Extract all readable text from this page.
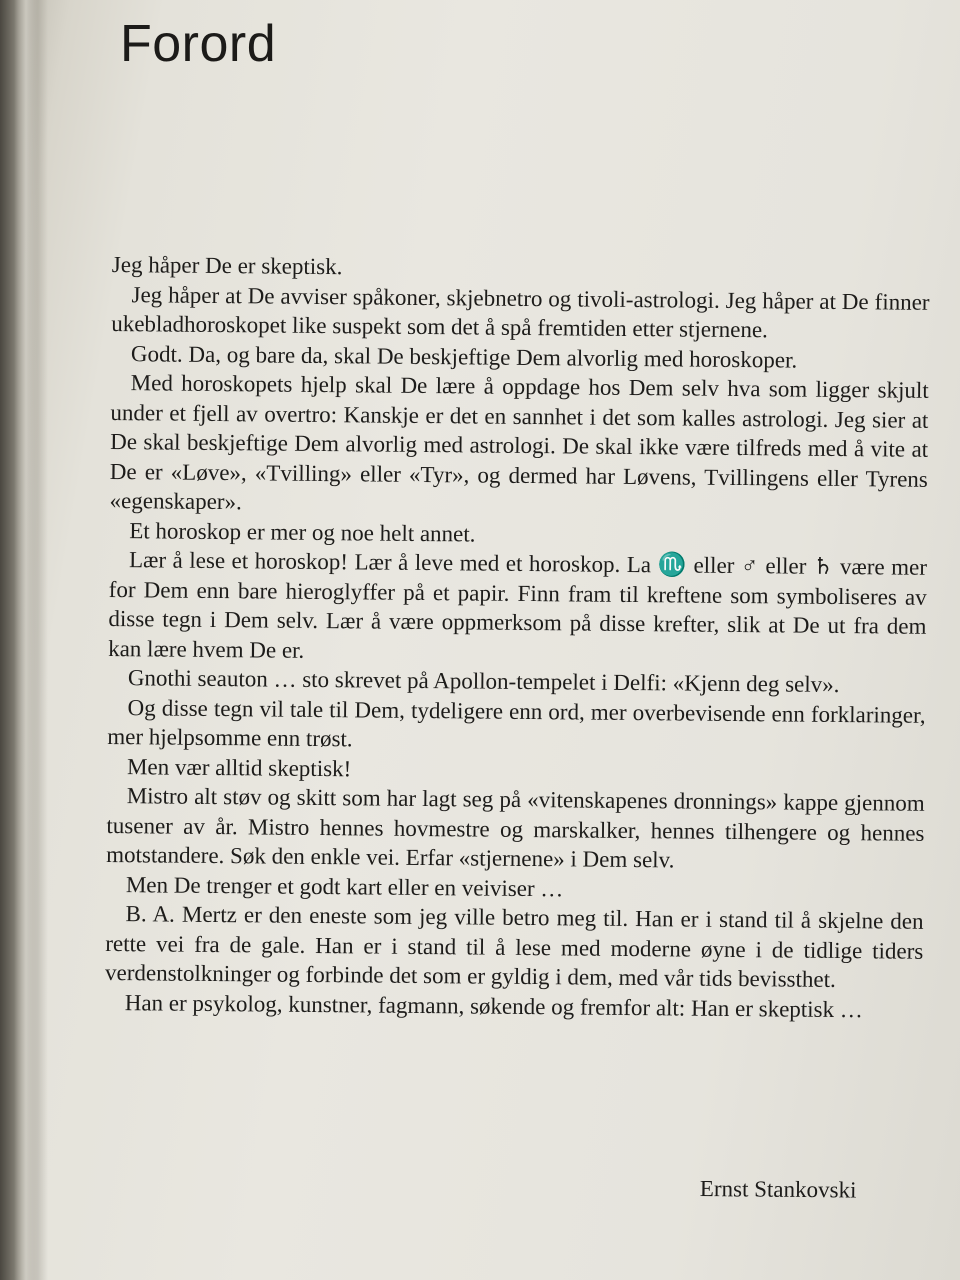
Forord

Jeg håper De er skeptisk.

Jeg håper at De avviser spåkoner, skjebnetro og tivoli-astrologi. Jeg håper at De finner ukebladhoroskopet like suspekt som det å spå fremtiden etter stjernene.

Godt. Da, og bare da, skal De beskjeftige Dem alvorlig med horoskoper.

Med horoskopets hjelp skal De lære å oppdage hos Dem selv hva som ligger skjult under et fjell av overtro: Kanskje er det en sannhet i det som kalles astrologi. Jeg sier at De skal beskjeftige Dem alvorlig med astrologi. De skal ikke være tilfreds med å vite at De er «Løve», «Tvilling» eller «Tyr», og dermed har Løvens, Tvillingens eller Tyrens «egenskaper».

Et horoskop er mer og noe helt annet.

Lær å lese et horoskop! Lær å leve med et horoskop. La ♏ eller ♂ eller ♄ være mer for Dem enn bare hieroglyffer på et papir. Finn fram til kreftene som symboliseres av disse tegn i Dem selv. Lær å være oppmerksom på disse krefter, slik at De ut fra dem kan lære hvem De er.

Gnothi seauton … sto skrevet på Apollon-tempelet i Delfi: «Kjenn deg selv».

Og disse tegn vil tale til Dem, tydeligere enn ord, mer overbevisende enn forklaringer, mer hjelpsomme enn trøst.

Men vær alltid skeptisk!

Mistro alt støv og skitt som har lagt seg på «vitenskapenes dronnings» kappe gjennom tusener av år. Mistro hennes hovmestre og marskalker, hennes tilhengere og hennes motstandere. Søk den enkle vei. Erfar «stjernene» i Dem selv.

Men De trenger et godt kart eller en veiviser …

B. A. Mertz er den eneste som jeg ville betro meg til. Han er i stand til å skjelne den rette vei fra de gale. Han er i stand til å lese med moderne øyne i de tidlige tiders verdenstolkninger og forbinde det som er gyldig i dem, med vår tids bevissthet.

Han er psykolog, kunstner, fagmann, søkende og fremfor alt: Han er skeptisk …

Ernst Stankovski
